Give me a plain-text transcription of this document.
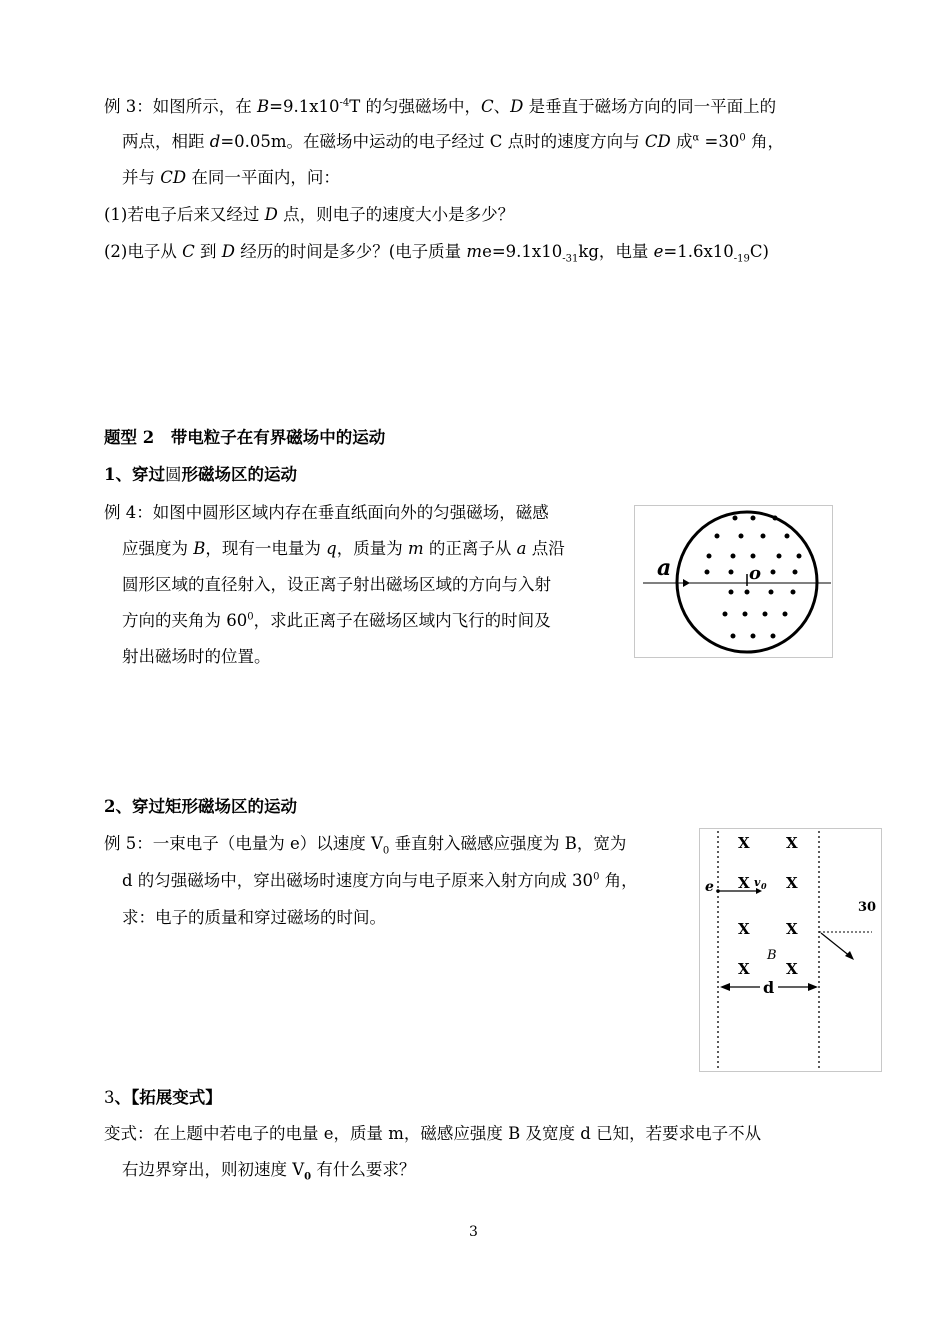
例 3：如图所示，在 $B=9.1x10^{-4}T$ 的匀强磁场中，C、D 是垂直于磁场方向的同一平面上的
两点，相距 d=0.05m。在磁场中运动的电子经过 C 点时的速度方向与 CD 成$^\alpha =30^0$ 角，
并与 CD 在同一平面内，问：
(1)若电子后来又经过 D 点，则电子的速度大小是多少？
(2)电子从 C 到 D 经历的时间是多少？(电子质量 $me=9.1x10_{-31}kg$，电量 $e=1.6x10_{-19}C$)
题型 2　带电粒子在有界磁场中的运动
1、穿过圆形磁场区的运动
例 4：如图中圆形区域内存在垂直纸面向外的匀强磁场，磁感
应强度为 B，现有一电量为 q，质量为 m 的正离子从 a 点沿
圆形区域的直径射入，设正离子射出磁场区域的方向与入射
方向的夹角为 $60^0$，求此正离子在磁场区域内飞行的时间及
射出磁场时的位置。
a	o
2、穿过矩形磁场区的运动
例 5：一束电子（电量为 e）以速度 $V_0$ 垂直射入磁感应强度为 B，宽为
d 的匀强磁场中，穿出磁场时速度方向与电子原来入射方向成 $30^0$ 角，
求：电子的质量和穿过磁场的时间。
X X
X X
X X
X X
e	v 0
B
d
30
3、【拓展变式】
变式：在上题中若电子的电量 e，质量 m，磁感应强度 B 及宽度 d 已知，若要求电子不从
右边界穿出，则初速度 $V_0$ 有什么要求？
3
